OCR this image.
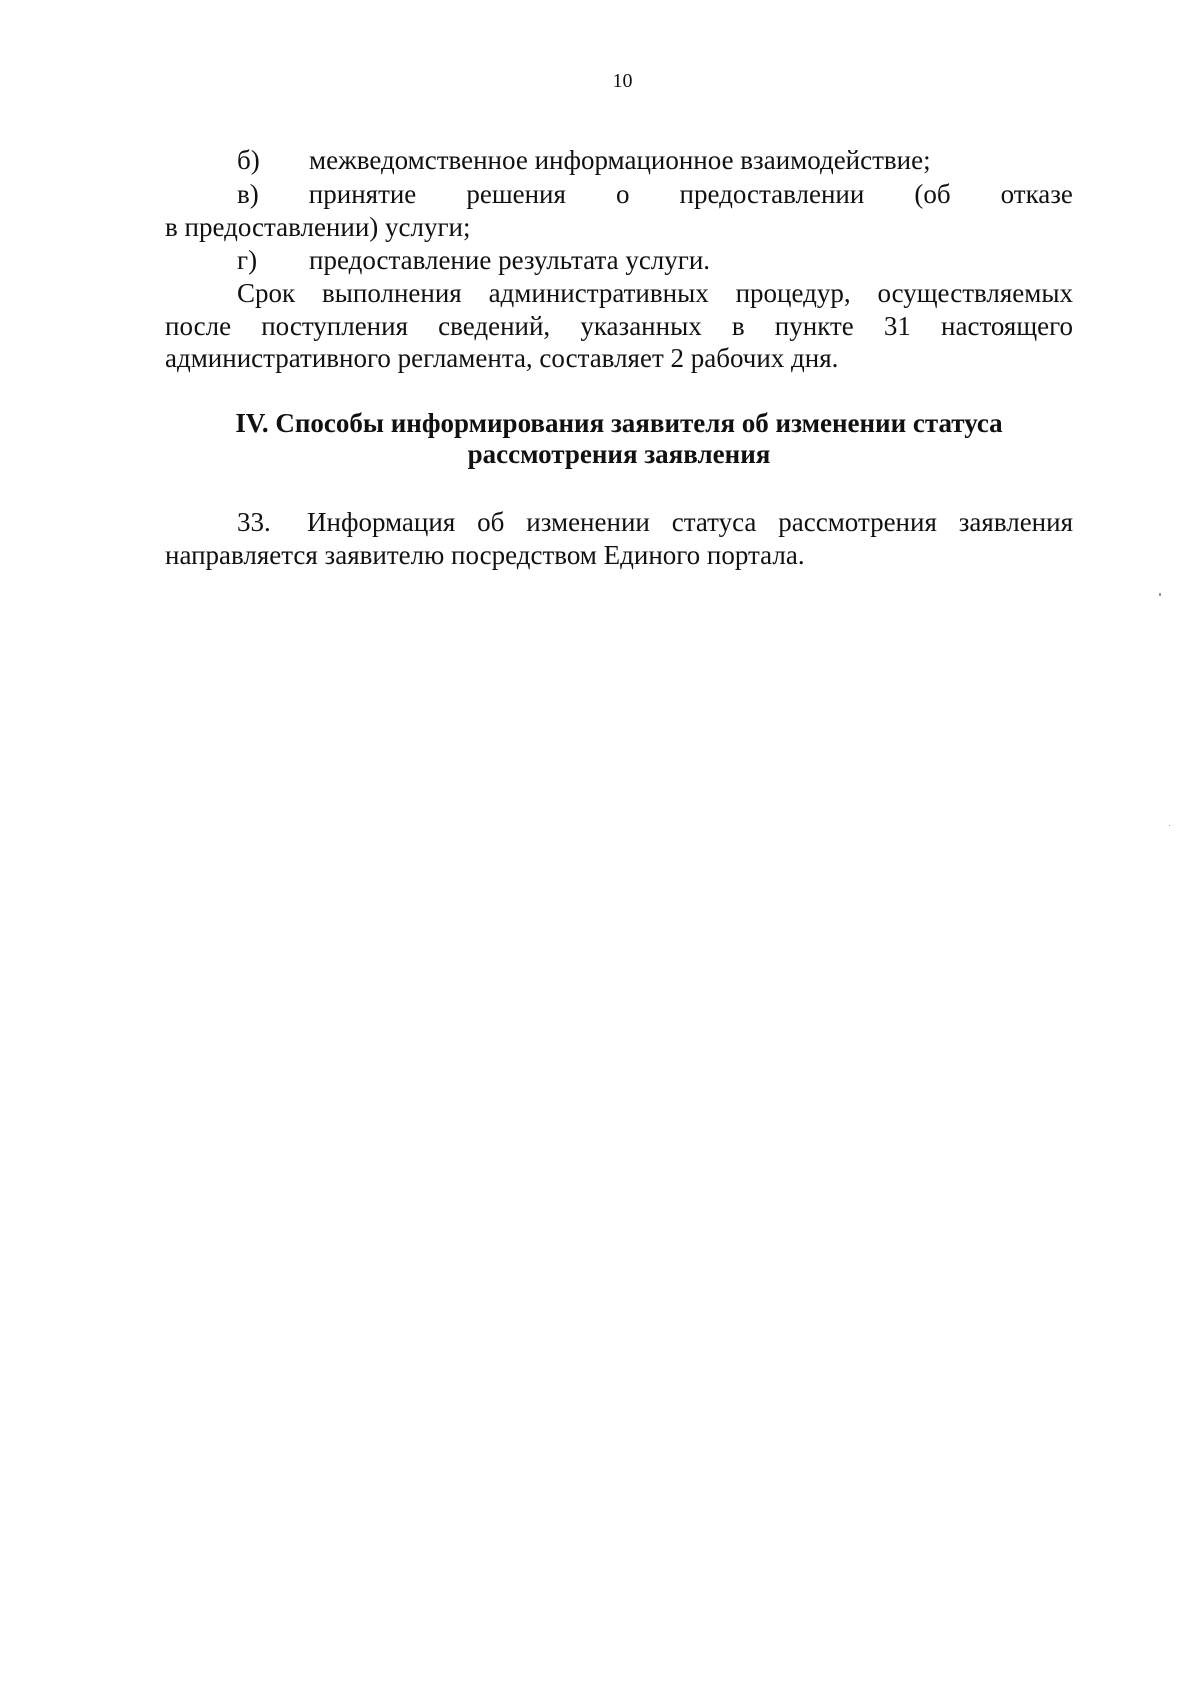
10
б) межведомственное информационное взаимодействие;
в) принятие решения о предоставлении (об отказе
в предоставлении) услуги;
г) предоставление результата услуги.
Срок выполнения административных процедур, осуществляемых
после поступления сведений, указанных в пункте 31 настоящего
административного регламента, составляет 2 рабочих дня.
IV. Способы информирования заявителя об изменении статуса
рассмотрения заявления
33.	Информация об изменении статуса рассмотрения заявления
направляется заявителю посредством Единого портала.
